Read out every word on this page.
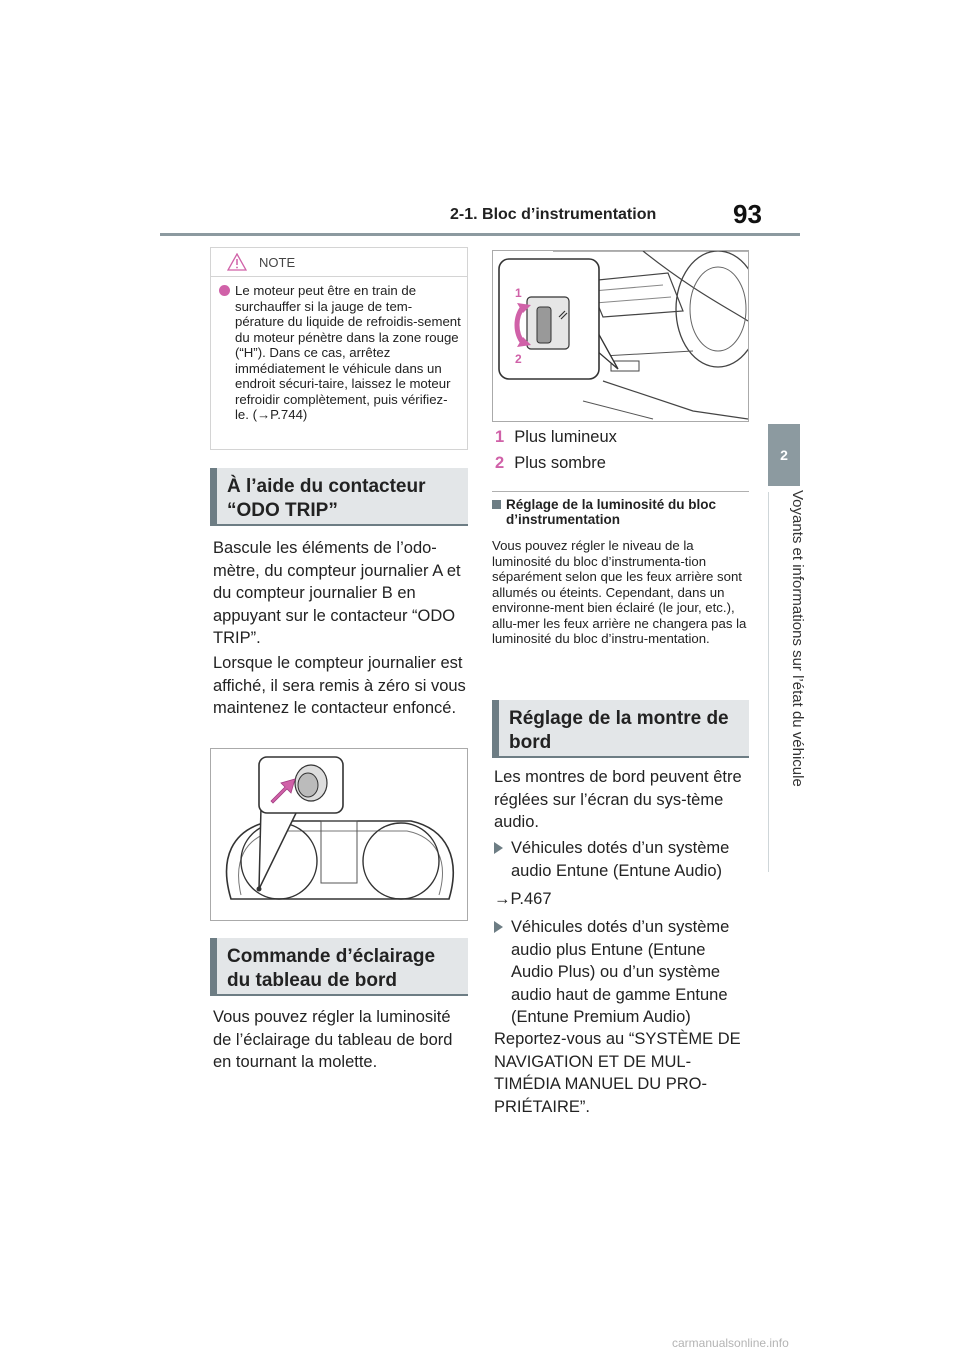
2-1. Bloc d’instrumentation	93
2
Voyants et informations sur l’état du véhicule
NOTE
Le moteur peut être en train de surchauffer si la jauge de tem-pérature du liquide de refroidis-sement du moteur pénètre dans la zone rouge (“H”). Dans ce cas, arrêtez immédiatement le véhicule dans un endroit sécuri-taire, laissez le moteur refroidir complètement, puis vérifiez-le. (→P.744)
À l’aide du contacteur “ODO TRIP”
Bascule les éléments de l’odo-mètre, du compteur journalier A et du compteur journalier B en appuyant sur le contacteur “ODO TRIP”.
Lorsque le compteur journalier est affiché, il sera remis à zéro si vous maintenez le contacteur enfoncé.
Commande d’éclairage du tableau de bord
Vous pouvez régler la luminosité de l’éclairage du tableau de bord en tournant la molette.
1
2
1 Plus lumineux
2 Plus sombre
Réglage de la luminosité du bloc d’instrumentation
Vous pouvez régler le niveau de la luminosité du bloc d’instrumenta-tion séparément selon que les feux arrière sont allumés ou éteints. Cependant, dans un environne-ment bien éclairé (le jour, etc.), allu-mer les feux arrière ne changera pas la luminosité du bloc d’instru-mentation.
Réglage de la montre de bord
Les montres de bord peuvent être réglées sur l’écran du sys-tème audio.
Véhicules dotés d’un système audio Entune (Entune Audio)
→P.467
Véhicules dotés d’un système audio plus Entune (Entune Audio Plus) ou d’un système audio haut de gamme Entune (Entune Premium Audio)
Reportez-vous au “SYSTÈME DE NAVIGATION ET DE MUL-TIMÉDIA MANUEL DU PRO-PRIÉTAIRE”.
carmanualsonline.info
